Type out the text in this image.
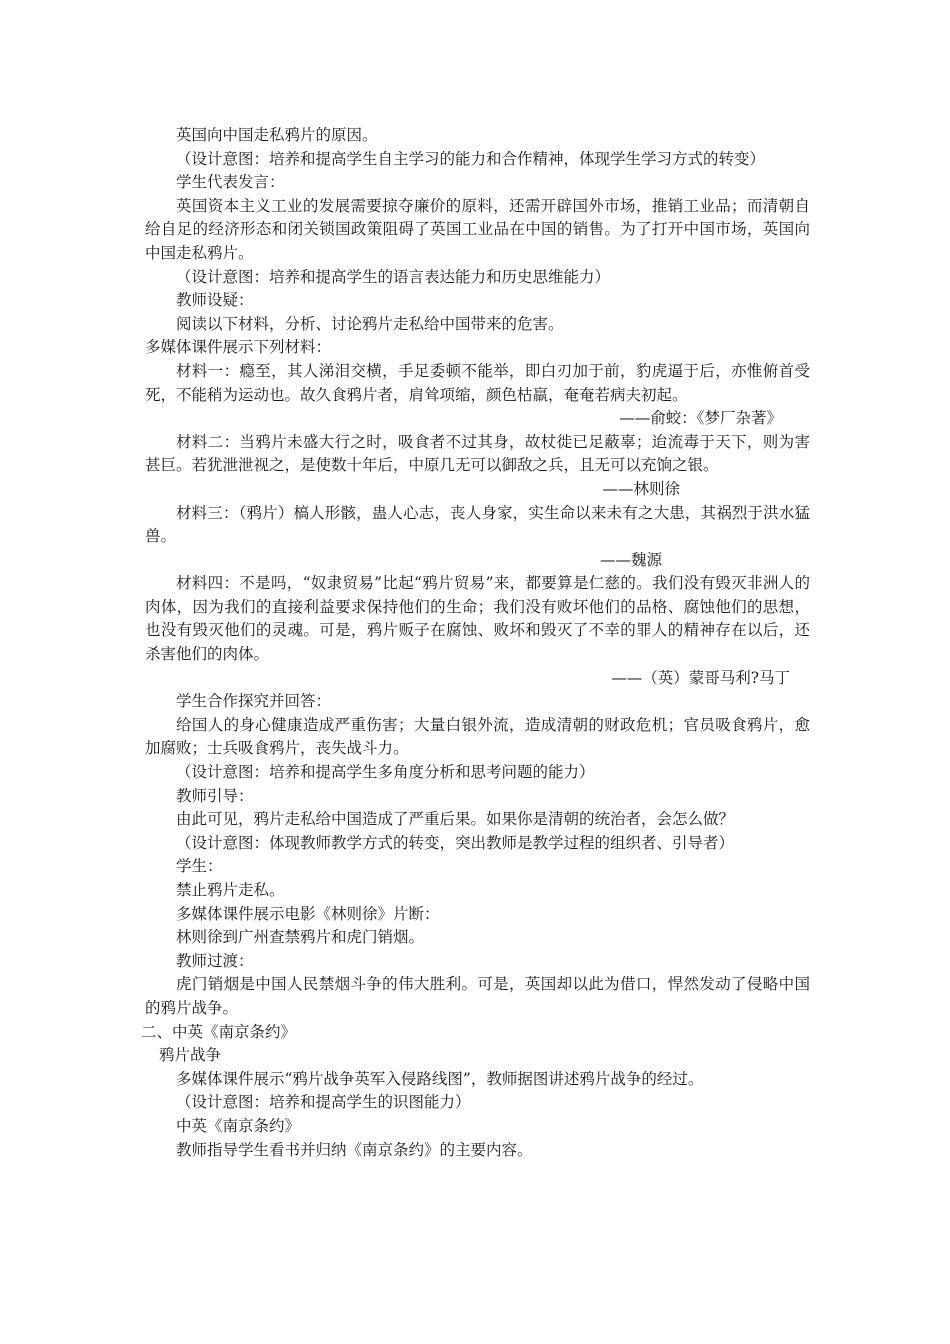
英国向中国走私鸦片的原因。

（设计意图：培养和提高学生自主学习的能力和合作精神，体现学生学习方式的转变）

学生代表发言：

英国资本主义工业的发展需要掠夺廉价的原料，还需开辟国外市场，推销工业品；而清朝自给自足的经济形态和闭关锁国政策阻碍了英国工业品在中国的销售。为了打开中国市场，英国向中国走私鸦片。

（设计意图：培养和提高学生的语言表达能力和历史思维能力）

教师设疑：

阅读以下材料，分析、讨论鸦片走私给中国带来的危害。

多媒体课件展示下列材料：

材料一：瘾至，其人涕泪交横，手足委顿不能举，即白刃加于前，豹虎逼于后，亦惟俯首受死，不能稍为运动也。故久食鸦片者，肩耸项缩，颜色枯羸，奄奄若病夫初起。

——俞蛟：《梦厂杂著》

材料二：当鸦片未盛大行之时，吸食者不过其身，故杖徙已足蔽辜；迨流毒于天下，则为害甚巨。若犹泄泄视之，是使数十年后，中原几无可以御敌之兵，且无可以充饷之银。

——林则徐

材料三：（鸦片）槁人形骸，蛊人心志，丧人身家，实生命以来未有之大患，其祸烈于洪水猛兽。

——魏源

材料四：不是吗，“奴隶贸易”比起“鸦片贸易”来，都要算是仁慈的。我们没有毁灭非洲人的肉体，因为我们的直接利益要求保持他们的生命；我们没有败坏他们的品格、腐蚀他们的思想，也没有毁灭他们的灵魂。可是，鸦片贩子在腐蚀、败坏和毁灭了不幸的罪人的精神存在以后，还杀害他们的肉体。

——（英）蒙哥马利?马丁

学生合作探究并回答：

给国人的身心健康造成严重伤害；大量白银外流，造成清朝的财政危机；官员吸食鸦片，愈加腐败；士兵吸食鸦片，丧失战斗力。

（设计意图：培养和提高学生多角度分析和思考问题的能力）

教师引导：

由此可见，鸦片走私给中国造成了严重后果。如果你是清朝的统治者，会怎么做？

（设计意图：体现教师教学方式的转变，突出教师是教学过程的组织者、引导者）

学生：

禁止鸦片走私。

多媒体课件展示电影《林则徐》片断：

林则徐到广州查禁鸦片和虎门销烟。

教师过渡：

虎门销烟是中国人民禁烟斗争的伟大胜利。可是，英国却以此为借口，悍然发动了侵略中国的鸦片战争。

二、中英《南京条约》

鸦片战争

多媒体课件展示“鸦片战争英军入侵路线图”，教师据图讲述鸦片战争的经过。

（设计意图：培养和提高学生的识图能力）

中英《南京条约》

教师指导学生看书并归纳《南京条约》的主要内容。
